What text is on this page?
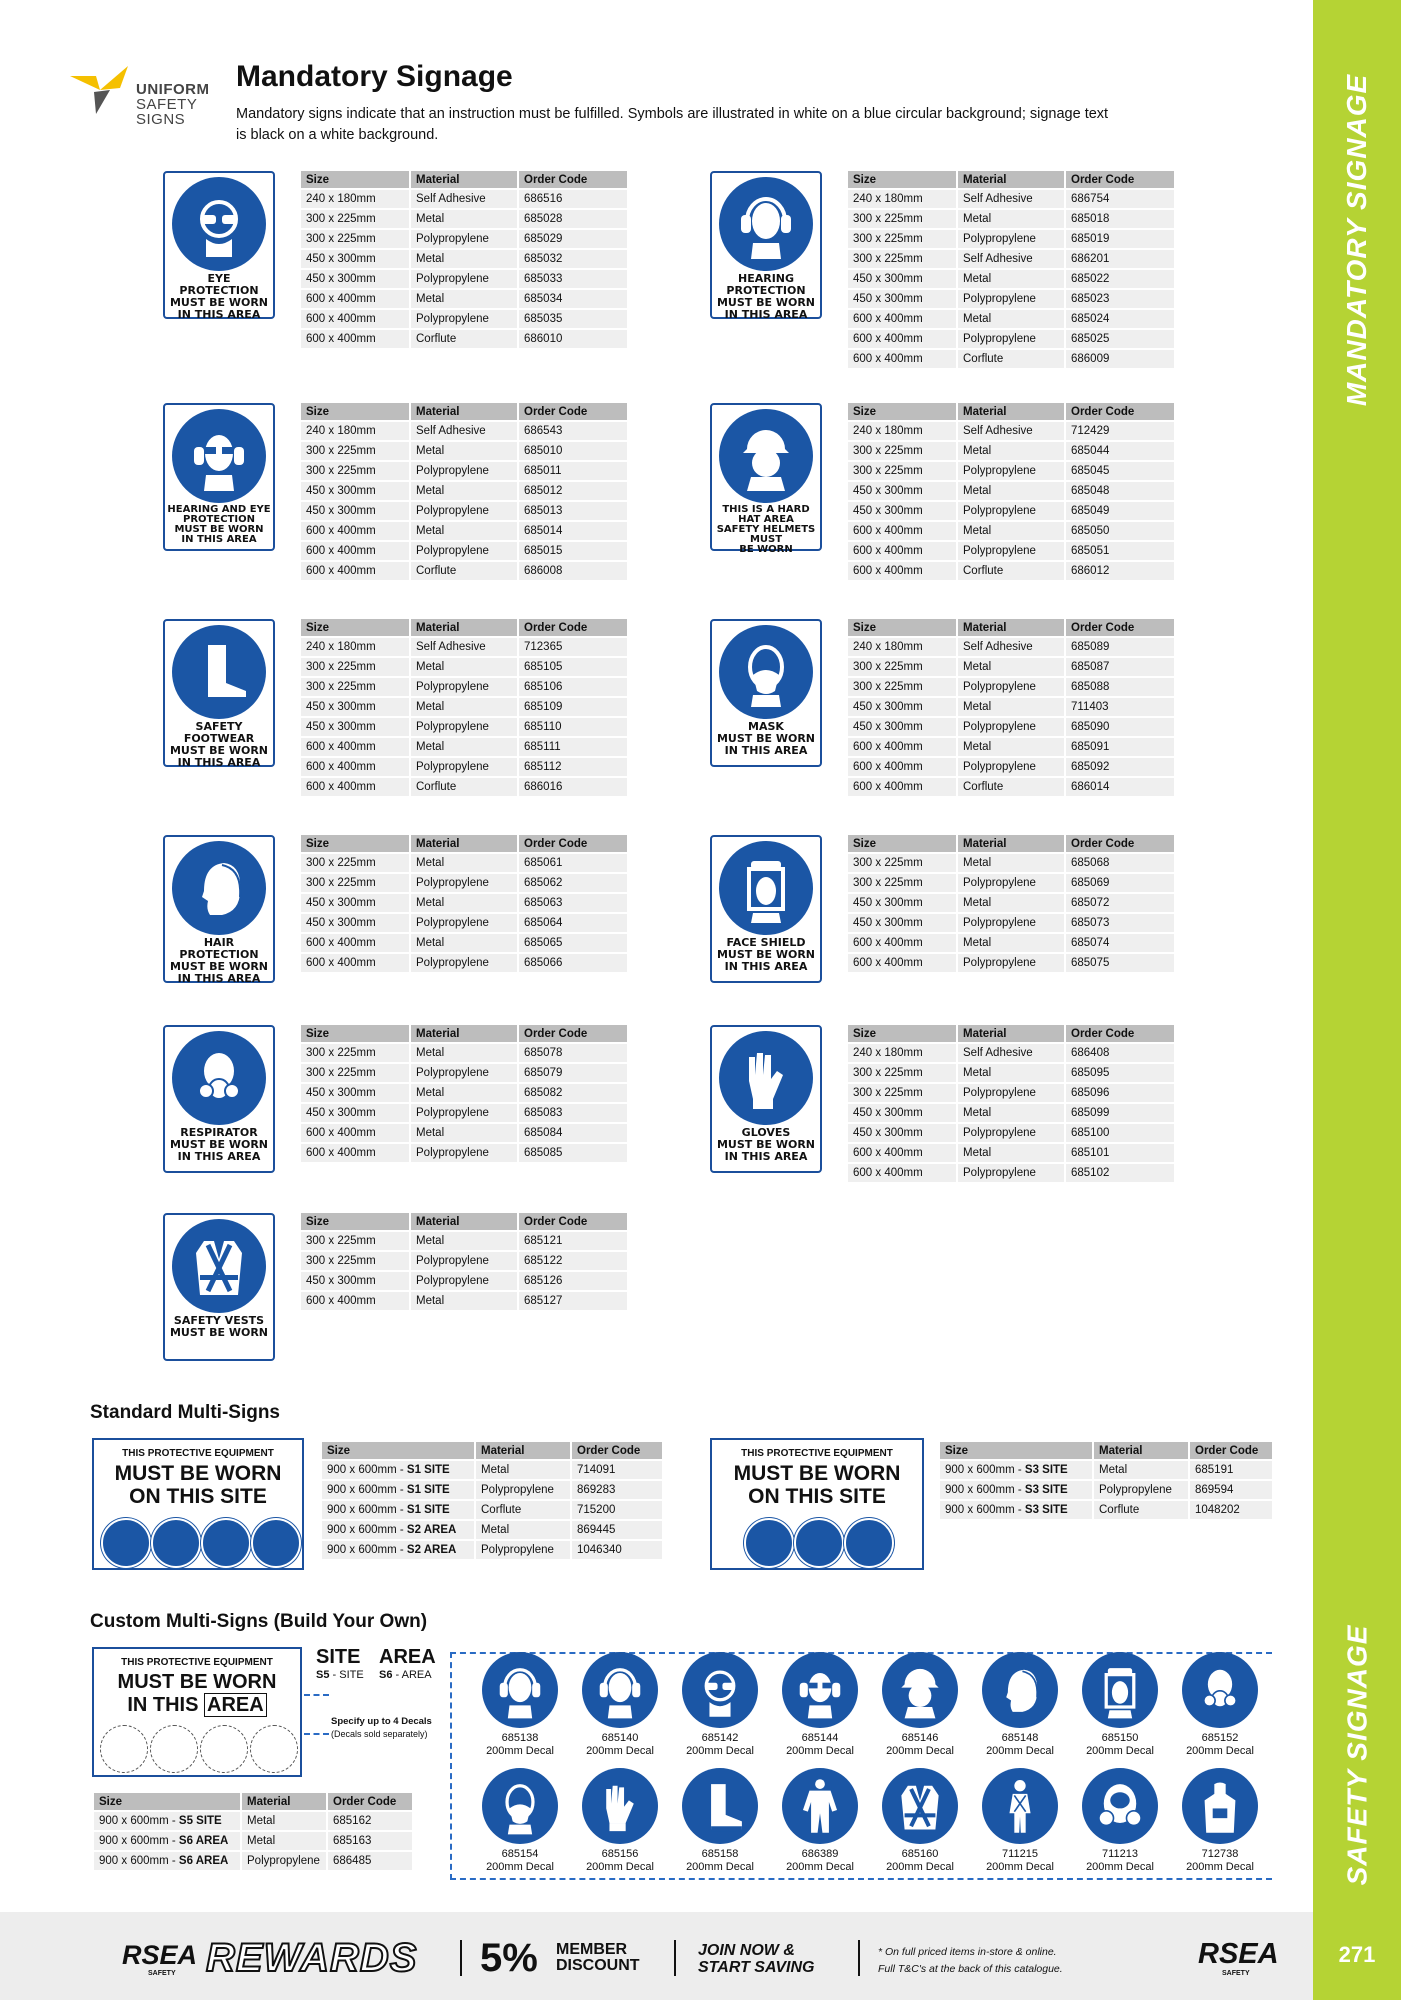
MANDATORY SIGNAGE
SAFETY SIGNAGE
271
UNIFORM
SAFETY
SIGNS
Mandatory Signage
Mandatory signs indicate that an instruction must be fulfilled. Symbols are illustrated in white on a blue circular background; signage text is black on a white background.
EYE PROTECTION
MUST BE WORN
IN THIS AREA
Size	Material	Order Code
240 x 180mm	Self Adhesive	686516
300 x 225mm	Metal	685028
300 x 225mm	Polypropylene	685029
450 x 300mm	Metal	685032
450 x 300mm	Polypropylene	685033
600 x 400mm	Metal	685034
600 x 400mm	Polypropylene	685035
600 x 400mm	Corflute	686010
HEARING PROTECTION
MUST BE WORN
IN THIS AREA
Size	Material	Order Code
240 x 180mm	Self Adhesive	686754
300 x 225mm	Metal	685018
300 x 225mm	Polypropylene	685019
300 x 225mm	Self Adhesive	686201
450 x 300mm	Metal	685022
450 x 300mm	Polypropylene	685023
600 x 400mm	Metal	685024
600 x 400mm	Polypropylene	685025
600 x 400mm	Corflute	686009
HEARING AND EYE
PROTECTION
MUST BE WORN
IN THIS AREA
Size	Material	Order Code
240 x 180mm	Self Adhesive	686543
300 x 225mm	Metal	685010
300 x 225mm	Polypropylene	685011
450 x 300mm	Metal	685012
450 x 300mm	Polypropylene	685013
600 x 400mm	Metal	685014
600 x 400mm	Polypropylene	685015
600 x 400mm	Corflute	686008
THIS IS A HARD
HAT AREA
SAFETY HELMETS MUST
BE WORN
Size	Material	Order Code
240 x 180mm	Self Adhesive	712429
300 x 225mm	Metal	685044
300 x 225mm	Polypropylene	685045
450 x 300mm	Metal	685048
450 x 300mm	Polypropylene	685049
600 x 400mm	Metal	685050
600 x 400mm	Polypropylene	685051
600 x 400mm	Corflute	686012
SAFETY FOOTWEAR
MUST BE WORN
IN THIS AREA
Size	Material	Order Code
240 x 180mm	Self Adhesive	712365
300 x 225mm	Metal	685105
300 x 225mm	Polypropylene	685106
450 x 300mm	Metal	685109
450 x 300mm	Polypropylene	685110
600 x 400mm	Metal	685111
600 x 400mm	Polypropylene	685112
600 x 400mm	Corflute	686016
MASK
MUST BE WORN
IN THIS AREA
Size	Material	Order Code
240 x 180mm	Self Adhesive	685089
300 x 225mm	Metal	685087
300 x 225mm	Polypropylene	685088
450 x 300mm	Metal	711403
450 x 300mm	Polypropylene	685090
600 x 400mm	Metal	685091
600 x 400mm	Polypropylene	685092
600 x 400mm	Corflute	686014
HAIR PROTECTION
MUST BE WORN
IN THIS AREA
Size	Material	Order Code
300 x 225mm	Metal	685061
300 x 225mm	Polypropylene	685062
450 x 300mm	Metal	685063
450 x 300mm	Polypropylene	685064
600 x 400mm	Metal	685065
600 x 400mm	Polypropylene	685066
FACE SHIELD
MUST BE WORN
IN THIS AREA
Size	Material	Order Code
300 x 225mm	Metal	685068
300 x 225mm	Polypropylene	685069
450 x 300mm	Metal	685072
450 x 300mm	Polypropylene	685073
600 x 400mm	Metal	685074
600 x 400mm	Polypropylene	685075
RESPIRATOR
MUST BE WORN
IN THIS AREA
Size	Material	Order Code
300 x 225mm	Metal	685078
300 x 225mm	Polypropylene	685079
450 x 300mm	Metal	685082
450 x 300mm	Polypropylene	685083
600 x 400mm	Metal	685084
600 x 400mm	Polypropylene	685085
GLOVES
MUST BE WORN
IN THIS AREA
Size	Material	Order Code
240 x 180mm	Self Adhesive	686408
300 x 225mm	Metal	685095
300 x 225mm	Polypropylene	685096
450 x 300mm	Metal	685099
450 x 300mm	Polypropylene	685100
600 x 400mm	Metal	685101
600 x 400mm	Polypropylene	685102
SAFETY VESTS
MUST BE WORN
Size	Material	Order Code
300 x 225mm	Metal	685121
300 x 225mm	Polypropylene	685122
450 x 300mm	Polypropylene	685126
600 x 400mm	Metal	685127
Standard Multi-Signs
THIS PROTECTIVE EQUIPMENT
MUST BE WORN
ON THIS SITE
Size	Material	Order Code
900 x 600mm - S1 SITE	Metal	714091
900 x 600mm - S1 SITE	Polypropylene	869283
900 x 600mm - S1 SITE	Corflute	715200
900 x 600mm - S2 AREA	Metal	869445
900 x 600mm - S2 AREA	Polypropylene	1046340
THIS PROTECTIVE EQUIPMENT
MUST BE WORN
ON THIS SITE
Size	Material	Order Code
900 x 600mm - S3 SITE	Metal	685191
900 x 600mm - S3 SITE	Polypropylene	869594
900 x 600mm - S3 SITE	Corflute	1048202
Custom Multi-Signs (Build Your Own)
THIS PROTECTIVE EQUIPMENT
MUST BE WORN
IN THIS AREA
SITE
S5 - SITE
AREA
S6 - AREA
Specify up to 4 Decals
(Decals sold separately)
Size	Material	Order Code
900 x 600mm - S5 SITE	Metal	685162
900 x 600mm - S6 AREA	Metal	685163
900 x 600mm - S6 AREA	Polypropylene	686485
685138
200mm Decal
685140
200mm Decal
685142
200mm Decal
685144
200mm Decal
685146
200mm Decal
685148
200mm Decal
685150
200mm Decal
685152
200mm Decal
685154
200mm Decal
685156
200mm Decal
685158
200mm Decal
686389
200mm Decal
685160
200mm Decal
711215
200mm Decal
711213
200mm Decal
712738
200mm Decal
RSEA
SAFETY REWARDS 5% MEMBER
DISCOUNT
JOIN NOW &
START SAVING
* On full priced items in-store & online.
Full T&C's at the back of this catalogue.	RSEA
SAFETY
